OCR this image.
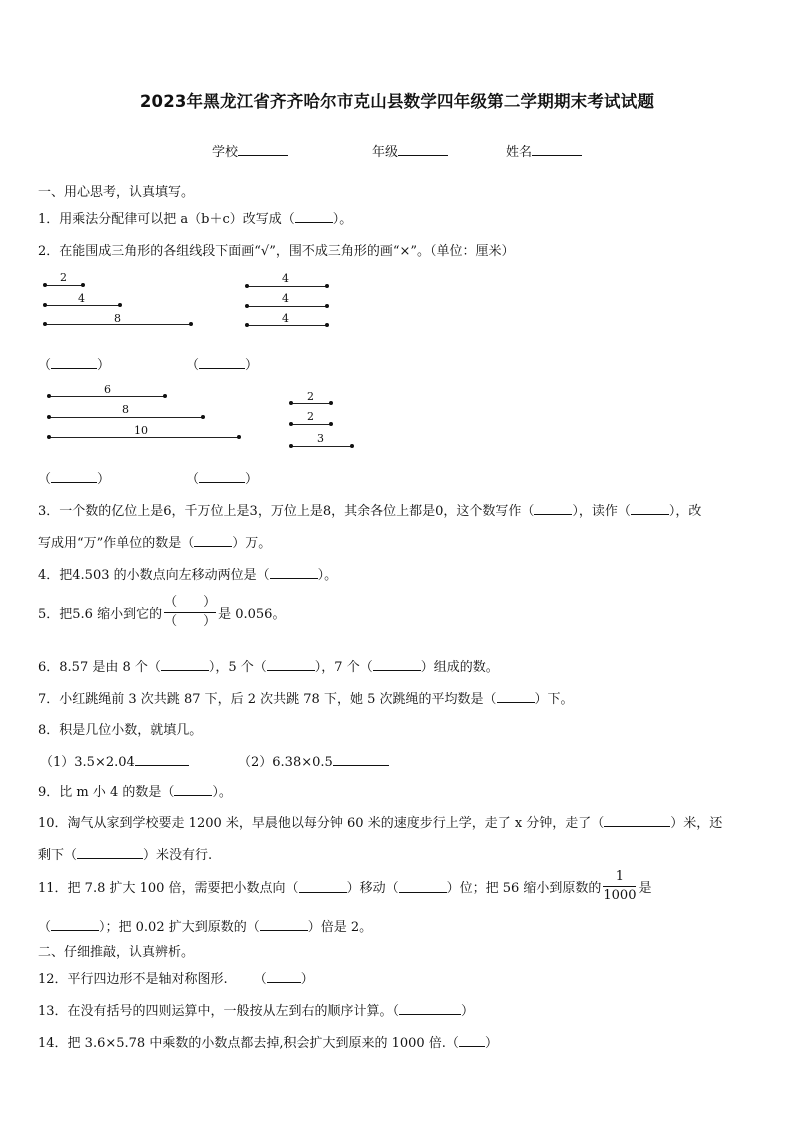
2023年黑龙江省齐齐哈尔市克山县数学四年级第二学期期末考试试题
学校	年级	姓名
一、用心思考，认真填写。
1．用乘法分配律可以把 a（b＋c）改写成（	）。
2．在能围成三角形的各组线段下面画“√”，围不成三角形的画“×”。（单位：厘米）
2
4
8
4
4
4
（	）	（	）
6
8
10
2
2
3
（	）	（	）
3．一个数的亿位上是6，千万位上是3，万位上是8，其余各位上都是0，这个数写作（	），读作（	），改
写成用“万”作单位的数是（	）万。
4．把4.503 的小数点向左移动两位是（	）。
5．把5.6 缩小到它的 $\frac{( )}{( )}$ 是 0.056。
6．8.57 是由 8 个（	），5 个（	），7 个（	）组成的数。
7．小红跳绳前 3 次共跳 87 下，后 2 次共跳 78 下，她 5 次跳绳的平均数是（	）下。
8．积是几位小数，就填几。
（1）3.5×2.04	（2）6.38×0.5
9．比 m 小 4 的数是（	）。
10．淘气从家到学校要走 1200 米，早晨他以每分钟 60 米的速度步行上学，走了 x 分钟，走了（	）米，还
剩下（	）米没有行.
11．把 7.8 扩大 100 倍，需要把小数点向（	）移动（	）位；把 56 缩小到原数的 $\frac{1}{1000}$ 是
（	）；把 0.02 扩大到原数的（	）倍是 2。
二、仔细推敲，认真辨析。
12．平行四边形不是轴对称图形. （	）
13．在没有括号的四则运算中，一般按从左到右的顺序计算。（	）
14．把 3.6×5.78 中乘数的小数点都去掉,积会扩大到原来的 1000 倍.（ ）
